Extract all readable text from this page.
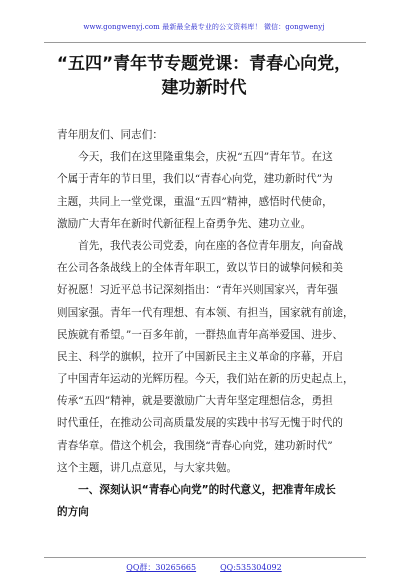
www.gongwenyj.com 最新最全最专业的公文资料库！ 微信：gongwenyj
“五四”青年节专题党课：青春心向党，
建功新时代
青年朋友们、同志们：
　　今天，我们在这里隆重集会，庆祝“五四”青年节。在这
个属于青年的节日里，我们以“青春心向党，建功新时代”为
主题，共同上一堂党课，重温“五四”精神，感悟时代使命，
激励广大青年在新时代新征程上奋勇争先、建功立业。
　　首先，我代表公司党委，向在座的各位青年朋友，向奋战
在公司各条战线上的全体青年职工，致以节日的诚挚问候和美
好祝愿！习近平总书记深刻指出：“青年兴则国家兴，青年强
则国家强。青年一代有理想、有本领、有担当，国家就有前途，
民族就有希望。”一百多年前，一群热血青年高举爱国、进步、
民主、科学的旗帜，拉开了中国新民主主义革命的序幕，开启
了中国青年运动的光辉历程。今天，我们站在新的历史起点上，
传承“五四”精神，就是要激励广大青年坚定理想信念，勇担
时代重任，在推动公司高质量发展的实践中书写无愧于时代的
青春华章。借这个机会，我围绕“青春心向党，建功新时代”
这个主题，讲几点意见，与大家共勉。
　　一、深刻认识“青春心向党”的时代意义，把准青年成长
的方向
QQ群：30265665	QQ:535304092
